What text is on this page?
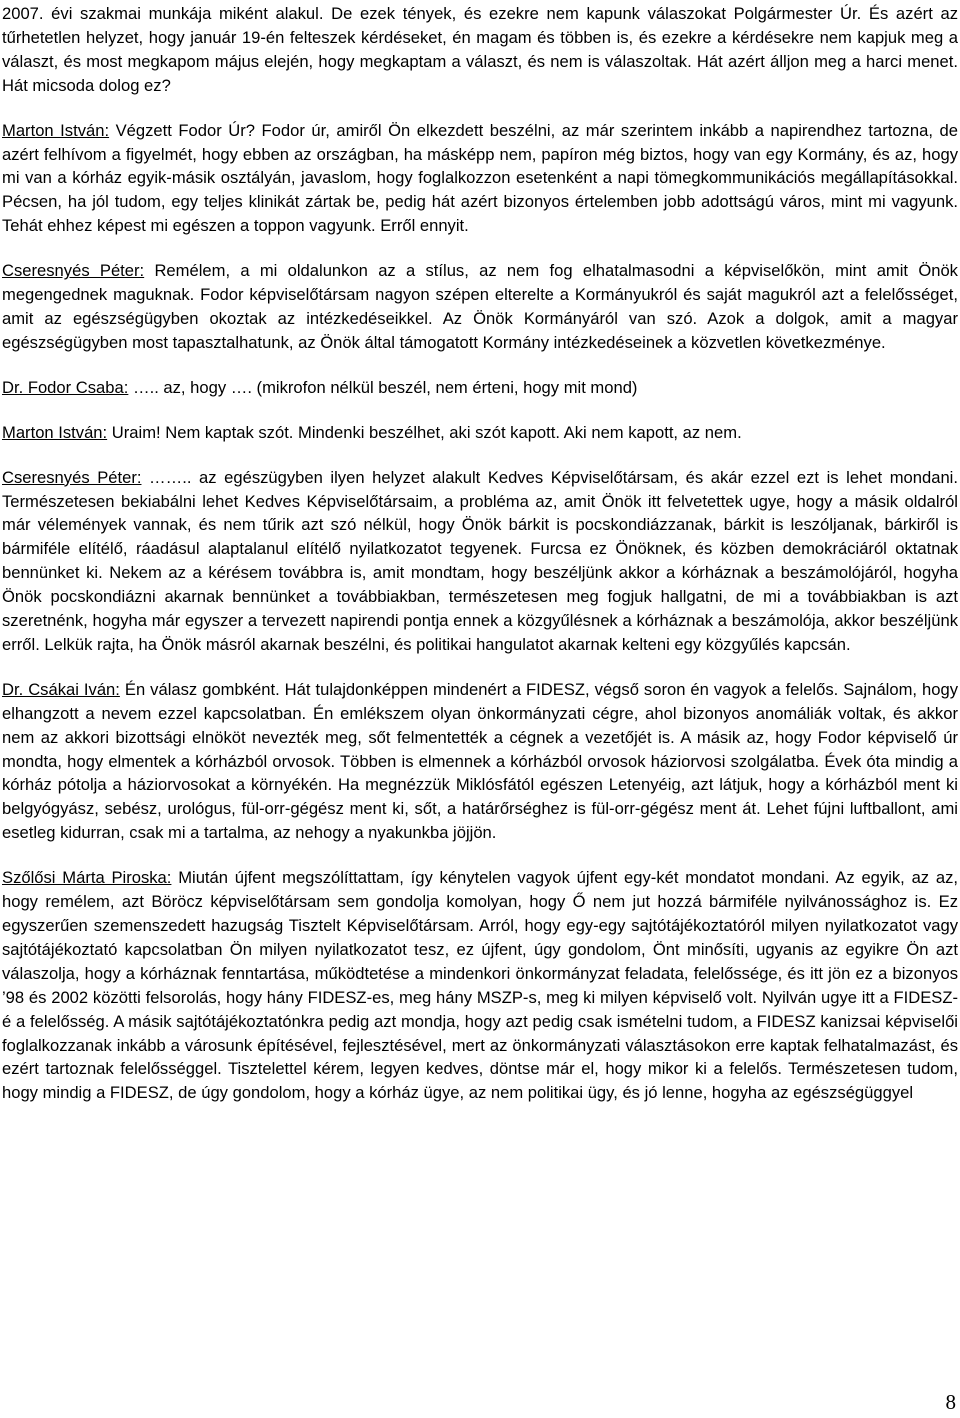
2007. évi szakmai munkája miként alakul. De ezek tények, és ezekre nem kapunk válaszokat Polgármester Úr. És azért az tűrhetetlen helyzet, hogy január 19-én felteszek kérdéseket, én magam és többen is, és ezekre a kérdésekre nem kapjuk meg a választ, és most megkapom május elején, hogy megkaptam a választ, és nem is válaszoltak. Hát azért álljon meg a harci menet. Hát micsoda dolog ez?

Marton István: Végzett Fodor Úr? Fodor úr, amiről Ön elkezdett beszélni, az már szerintem inkább a napirendhez tartozna, de azért felhívom a figyelmét, hogy ebben az országban, ha másképp nem, papíron még biztos, hogy van egy Kormány, és az, hogy mi van a kórház egyik-másik osztályán, javaslom, hogy foglalkozzon esetenként a napi tömegkommunikációs megállapításokkal. Pécsen, ha jól tudom, egy teljes klinikát zártak be, pedig hát azért bizonyos értelemben jobb adottságú város, mint mi vagyunk. Tehát ehhez képest mi egészen a toppon vagyunk. Erről ennyit.

Cseresnyés Péter: Remélem, a mi oldalunkon az a stílus, az nem fog elhatalmasodni a képviselőkön, mint amit Önök megengednek maguknak. Fodor képviselőtársam nagyon szépen elterelte a Kormányukról és saját magukról azt a felelősséget, amit az egészségügyben okoztak az intézkedéseikkel. Az Önök Kormányáról van szó. Azok a dolgok, amit a magyar egészségügyben most tapasztalhatunk, az Önök által támogatott Kormány intézkedéseinek a közvetlen következménye.

Dr. Fodor Csaba: ….. az, hogy …. (mikrofon nélkül beszél, nem érteni, hogy mit mond)

Marton István: Uraim! Nem kaptak szót. Mindenki beszélhet, aki szót kapott. Aki nem kapott, az nem.

Cseresnyés Péter: …….. az egészügyben ilyen helyzet alakult Kedves Képviselőtársam, és akár ezzel ezt is lehet mondani. Természetesen bekiabálni lehet Kedves Képviselőtársaim, a probléma az, amit Önök itt felvetettek ugye, hogy a másik oldalról már vélemények vannak, és nem tűrik azt szó nélkül, hogy Önök bárkit is pocskondiázzanak, bárkit is leszóljanak, bárkiről is bármiféle elítélő, ráadásul alaptalanul elítélő nyilatkozatot tegyenek. Furcsa ez Önöknek, és közben demokráciáról oktatnak bennünket ki. Nekem az a kérésem továbbra is, amit mondtam, hogy beszéljünk akkor a kórháznak a beszámolójáról, hogyha Önök pocskondiázni akarnak bennünket a továbbiakban, természetesen meg fogjuk hallgatni, de mi a továbbiakban is azt szeretnénk, hogyha már egyszer a tervezett napirendi pontja ennek a közgyűlésnek a kórháznak a beszámolója, akkor beszéljünk erről. Lelkük rajta, ha Önök másról akarnak beszélni, és politikai hangulatot akarnak kelteni egy közgyűlés kapcsán.

Dr. Csákai Iván: Én válasz gombként. Hát tulajdonképpen mindenért a FIDESZ, végső soron én vagyok a felelős. Sajnálom, hogy elhangzott a nevem ezzel kapcsolatban. Én emlékszem olyan önkormányzati cégre, ahol bizonyos anomáliák voltak, és akkor nem az akkori bizottsági elnököt nevezték meg, sőt felmentették a cégnek a vezetőjét is. A másik az, hogy Fodor képviselő úr mondta, hogy elmentek a kórházból orvosok. Többen is elmennek a kórházból orvosok háziorvosi szolgálatba. Évek óta mindig a kórház pótolja a háziorvosokat a környékén. Ha megnézzük Miklósfától egészen Letenyéig, azt látjuk, hogy a kórházból ment ki belgyógyász, sebész, urológus, fül-orr-gégész ment ki, sőt, a határőrséghez is fül-orr-gégész ment át. Lehet fújni luftballont, ami esetleg kidurran, csak mi a tartalma, az nehogy a nyakunkba jöjjön.

Szőlősi Márta Piroska: Miután újfent megszólíttattam, így kénytelen vagyok újfent egy-két mondatot mondani. Az egyik, az az, hogy remélem, azt Böröcz képviselőtársam sem gondolja komolyan, hogy Ő nem jut hozzá bármiféle nyilvánossághoz is. Ez egyszerűen szemenszedett hazugság Tisztelt Képviselőtársam. Arról, hogy egy-egy sajtótájékoztatóról milyen nyilatkozatot vagy sajtótájékoztató kapcsolatban Ön milyen nyilatkozatot tesz, ez újfent, úgy gondolom, Önt minősíti, ugyanis az egyikre Ön azt válaszolja, hogy a kórháznak fenntartása, működtetése a mindenkori önkormányzat feladata, felelőssége, és itt jön ez a bizonyos ’98 és 2002 közötti felsorolás, hogy hány FIDESZ-es, meg hány MSZP-s, meg ki milyen képviselő volt. Nyilván ugye itt a FIDESZ-é a felelősség. A másik sajtótájékoztatónkra pedig azt mondja, hogy azt pedig csak ismételni tudom, a FIDESZ kanizsai képviselői foglalkozzanak inkább a városunk építésével, fejlesztésével, mert az önkormányzati választásokon erre kaptak felhatalmazást, és ezért tartoznak felelősséggel. Tisztelettel kérem, legyen kedves, döntse már el, hogy mikor ki a felelős. Természetesen tudom, hogy mindig a FIDESZ, de úgy gondolom, hogy a kórház ügye, az nem politikai ügy, és jó lenne, hogyha az egészségüggyel

8
